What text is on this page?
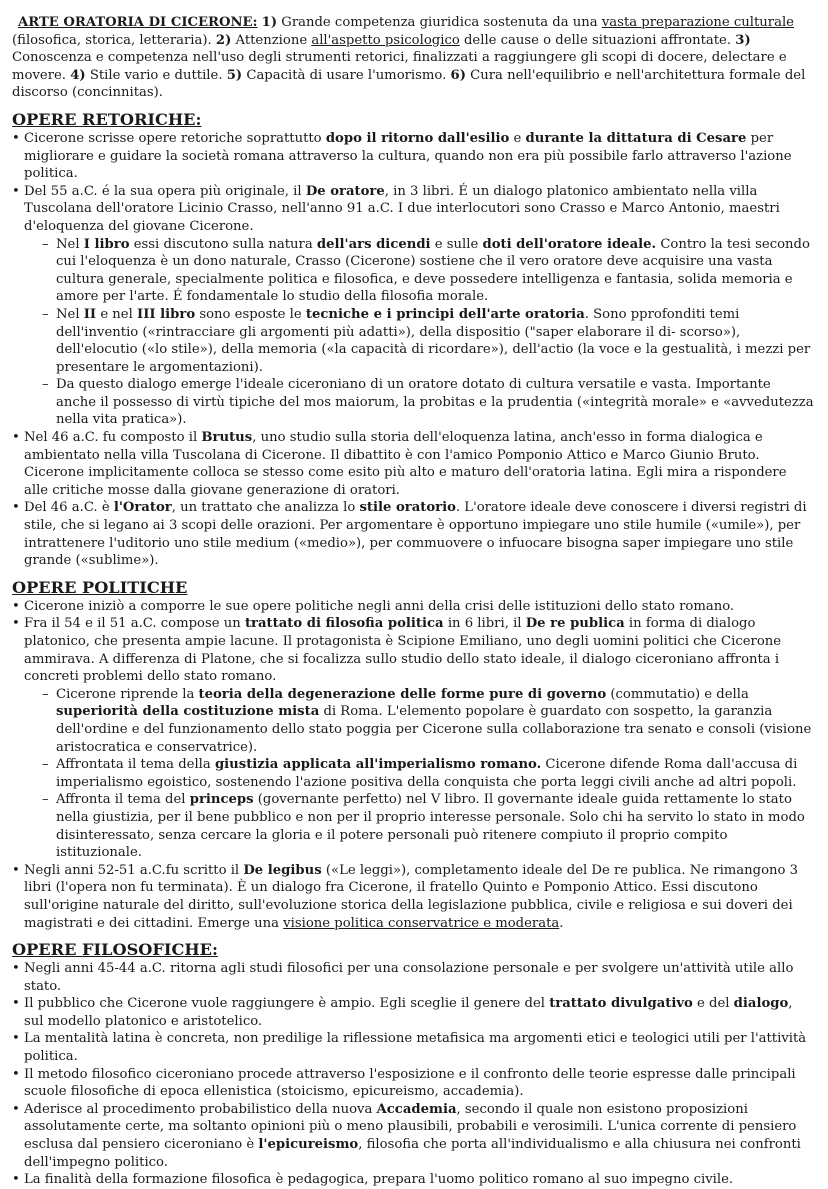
ARTE ORATORIA DI CICERONE: 1) Grande competenza giuridica sostenuta da una vasta preparazione culturale (filosofica, storica, letteraria). 2) Attenzione all'aspetto psicologico delle cause o delle situazioni affrontate. 3) Conoscenza e competenza nell'uso degli strumenti retorici, finalizzati a raggiungere gli scopi di docere, delectare e movere. 4) Stile vario e duttile. 5) Capacità di usare l'umorismo. 6) Cura nell'equilibrio e nell'architettura formale del discorso (concinnitas).

OPERE RETORICHE:

• Cicerone scrisse opere retoriche soprattutto dopo il ritorno dall'esilio e durante la dittatura di Cesare per migliorare e guidare la società romana attraverso la cultura, quando non era più possibile farlo attraverso l'azione politica.
• Del 55 a.C. é la sua opera più originale, il De oratore, in 3 libri. É un dialogo platonico ambientato nella villa Tuscolana dell'oratore Licinio Crasso, nell'anno 91 a.C. I due interlocutori sono Crasso e Marco Antonio, maestri d'eloquenza del giovane Cicerone.
– Nel I libro essi discutono sulla natura dell'ars dicendi e sulle doti dell'oratore ideale. Contro la tesi secondo cui l'eloquenza è un dono naturale, Crasso (Cicerone) sostiene che il vero oratore deve acquisire una vasta cultura generale, specialmente politica e filosofica, e deve possedere intelligenza e fantasia, solida memoria e amore per l'arte. É fondamentale lo studio della filosofia morale.
– Nel II e nel III libro sono esposte le tecniche e i principi dell'arte oratoria. Sono pprofonditi temi dell'inventio («rintracciare gli argomenti più adatti»), della dispositio ("saper elaborare il di- scorso»), dell'elocutio («lo stile»), della memoria («la capacità di ricordare»), dell'actio (la voce e la gestualità, i mezzi per presentare le argomentazioni).
– Da questo dialogo emerge l'ideale ciceroniano di un oratore dotato di cultura versatile e vasta. Importante anche il possesso di virtù tipiche del mos maiorum, la probitas e la prudentia («integrità morale» e «avvedutezza nella vita pratica»).
• Nel 46 a.C. fu composto il Brutus, uno studio sulla storia dell'eloquenza latina, anch'esso in forma dialogica e ambientato nella villa Tuscolana di Cicerone. Il dibattito è con l'amico Pomponio Attico e Marco Giunio Bruto. Cicerone implicitamente colloca se stesso come esito più alto e maturo dell'oratoria latina. Egli mira a rispondere alle critiche mosse dalla giovane generazione di oratori.
• Del 46 a.C. è l'Orator, un trattato che analizza lo stile oratorio. L'oratore ideale deve conoscere i diversi registri di stile, che si legano ai 3 scopi delle orazioni. Per argomentare è opportuno impiegare uno stile humile («umile»), per intrattenere l'uditorio uno stile medium («medio»), per commuovere o infuocare bisogna saper impiegare uno stile grande («sublime»).

OPERE POLITICHE

• Cicerone iniziò a comporre le sue opere politiche negli anni della crisi delle istituzioni dello stato romano.
• Fra il 54 e il 51 a.C. compose un trattato di filosofia politica in 6 libri, il De re publica in forma di dialogo platonico, che presenta ampie lacune. Il protagonista è Scipione Emiliano, uno degli uomini politici che Cicerone ammirava. A differenza di Platone, che si focalizza sullo studio dello stato ideale, il dialogo ciceroniano affronta i concreti problemi dello stato romano.
– Cicerone riprende la teoria della degenerazione delle forme pure di governo (commutatio) e della superiorità della costituzione mista di Roma. L'elemento popolare è guardato con sospetto, la garanzia dell'ordine e del funzionamento dello stato poggia per Cicerone sulla collaborazione tra senato e consoli (visione aristocratica e conservatrice).
– Affrontata il tema della giustizia applicata all'imperialismo romano. Cicerone difende Roma dall'accusa di imperialismo egoistico, sostenendo l'azione positiva della conquista che porta leggi civili anche ad altri popoli.
– Affronta il tema del princeps (governante perfetto) nel V libro. Il governante ideale guida rettamente lo stato nella giustizia, per il bene pubblico e non per il proprio interesse personale. Solo chi ha servito lo stato in modo disinteressato, senza cercare la gloria e il potere personali può ritenere compiuto il proprio compito istituzionale.
• Negli anni 52-51 a.C.fu scritto il De legibus («Le leggi»), completamento ideale del De re publica. Ne rimangono 3 libri (l'opera non fu terminata). È un dialogo fra Cicerone, il fratello Quinto e Pomponio Attico. Essi discutono sull'origine naturale del diritto, sull'evoluzione storica della legislazione pubblica, civile e religiosa e sui doveri dei magistrati e dei cittadini. Emerge una visione politica conservatrice e moderata.

OPERE FILOSOFICHE:

• Negli anni 45-44 a.C. ritorna agli studi filosofici per una consolazione personale e per svolgere un'attività utile allo stato.
• Il pubblico che Cicerone vuole raggiungere è ampio. Egli sceglie il genere del trattato divulgativo e del dialogo, sul modello platonico e aristotelico.
• La mentalità latina è concreta, non predilige la riflessione metafisica ma argomenti etici e teologici utili per l'attività politica.
• Il metodo filosofico ciceroniano procede attraverso l'esposizione e il confronto delle teorie espresse dalle principali scuole filosofiche di epoca ellenistica (stoicismo, epicureismo, accademia).
• Aderisce al procedimento probabilistico della nuova Accademia, secondo il quale non esistono proposizioni assolutamente certe, ma soltanto opinioni più o meno plausibili, probabili e verosimili. L'unica corrente di pensiero esclusa dal pensiero ciceroniano è l'epicureismo, filosofia che porta all'individualismo e alla chiusura nei confronti dell'impegno politico.
• La finalità della formazione filosofica è pedagogica, prepara l'uomo politico romano al suo impegno civile.
